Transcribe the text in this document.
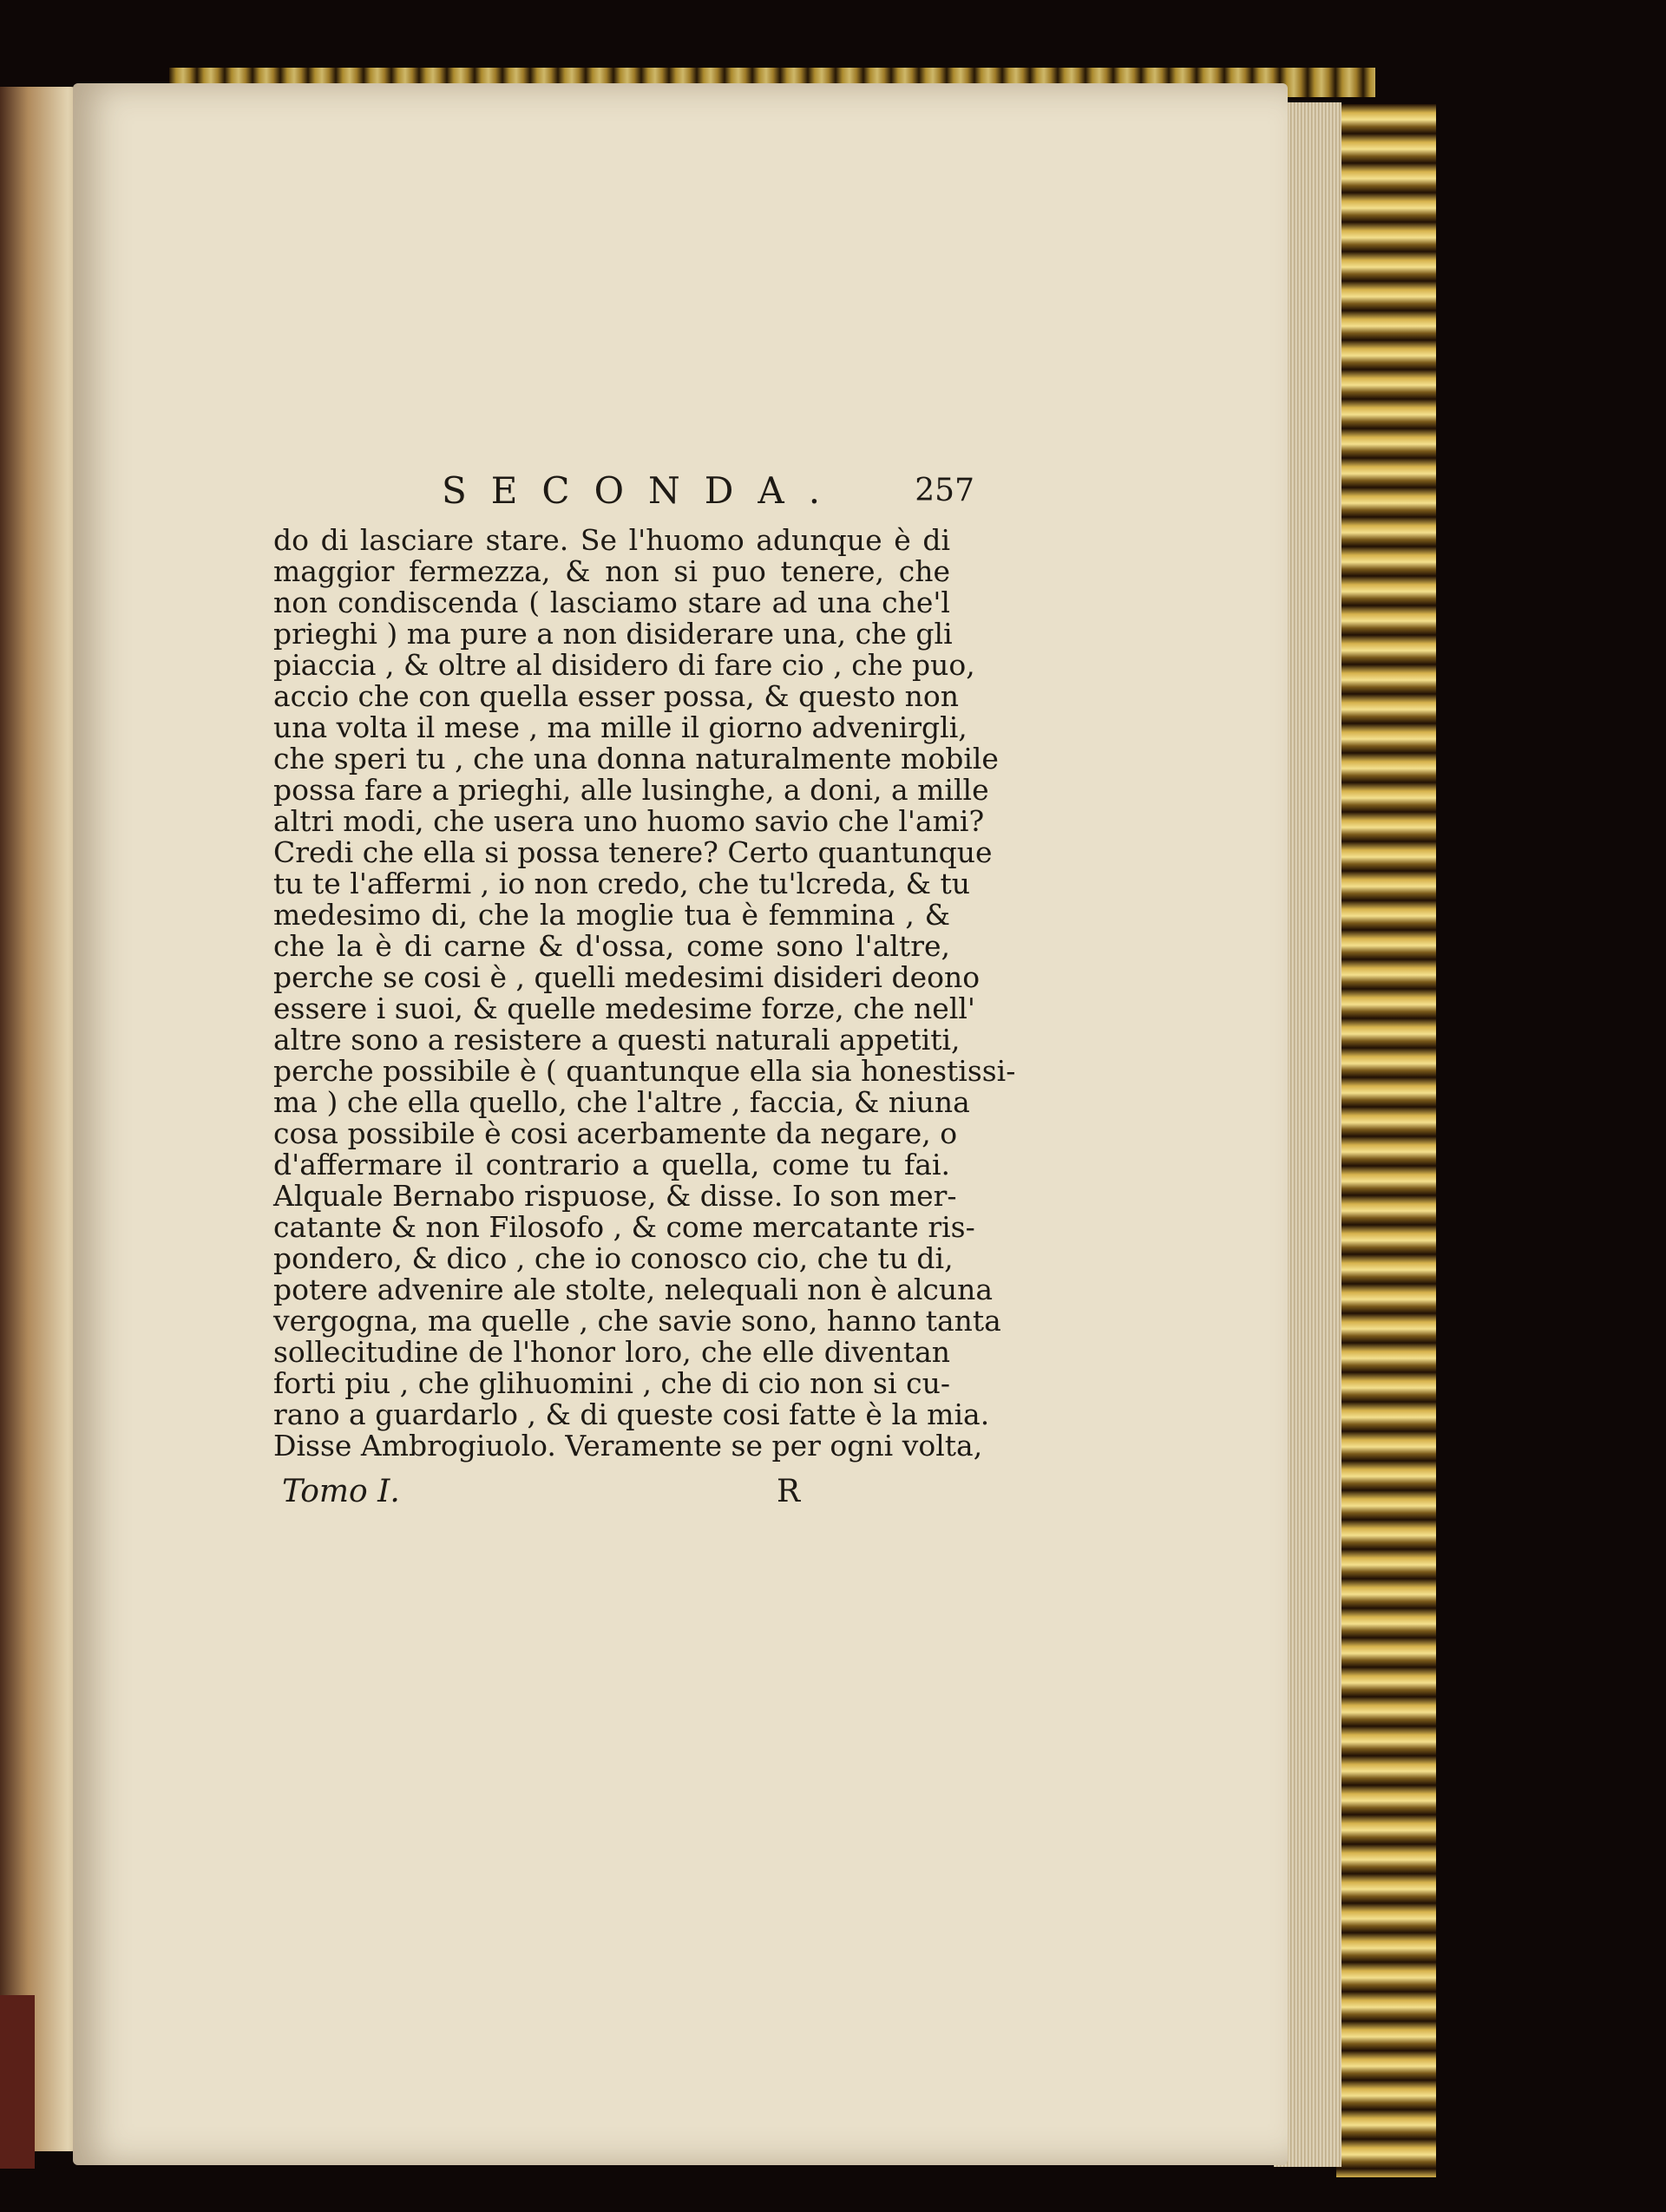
SECONDA. 257
do di lasciare stare. Se l'huomo adunque è di
maggior fermezza, & non si puo tenere, che
non condiscenda ( lasciamo stare ad una che'l
prieghi ) ma pure a non disiderare una, che gli
piaccia , & oltre al disidero di fare cio , che puo,
accio che con quella esser possa, & questo non
una volta il mese , ma mille il giorno advenirgli,
che speri tu , che una donna naturalmente mobile
possa fare a prieghi, alle lusinghe, a doni, a mille
altri modi, che usera uno huomo savio che l'ami?
Credi che ella si possa tenere? Certo quantunque
tu te l'affermi , io non credo, che tu'lcreda, & tu
medesimo di, che la moglie tua è femmina , &
che la è di carne & d'ossa, come sono l'altre,
perche se cosi è , quelli medesimi disideri deono
essere i suoi, & quelle medesime forze, che nell'
altre sono a resistere a questi naturali appetiti,
perche possibile è ( quantunque ella sia honestissi-
ma ) che ella quello, che l'altre , faccia, & niuna
cosa possibile è cosi acerbamente da negare, o
d'affermare il contrario a quella, come tu fai.
Alquale Bernabo rispuose, & disse. Io son mer-
catante & non Filosofo , & come mercatante ris-
pondero, & dico , che io conosco cio, che tu di,
potere advenire ale stolte, nelequali non è alcuna
vergogna, ma quelle , che savie sono, hanno tanta
sollecitudine de l'honor loro, che elle diventan
forti piu , che glihuomini , che di cio non si cu-
rano a guardarlo , & di queste cosi fatte è la mia.
Disse Ambrogiuolo. Veramente se per ogni volta,
Tomo I.	R
